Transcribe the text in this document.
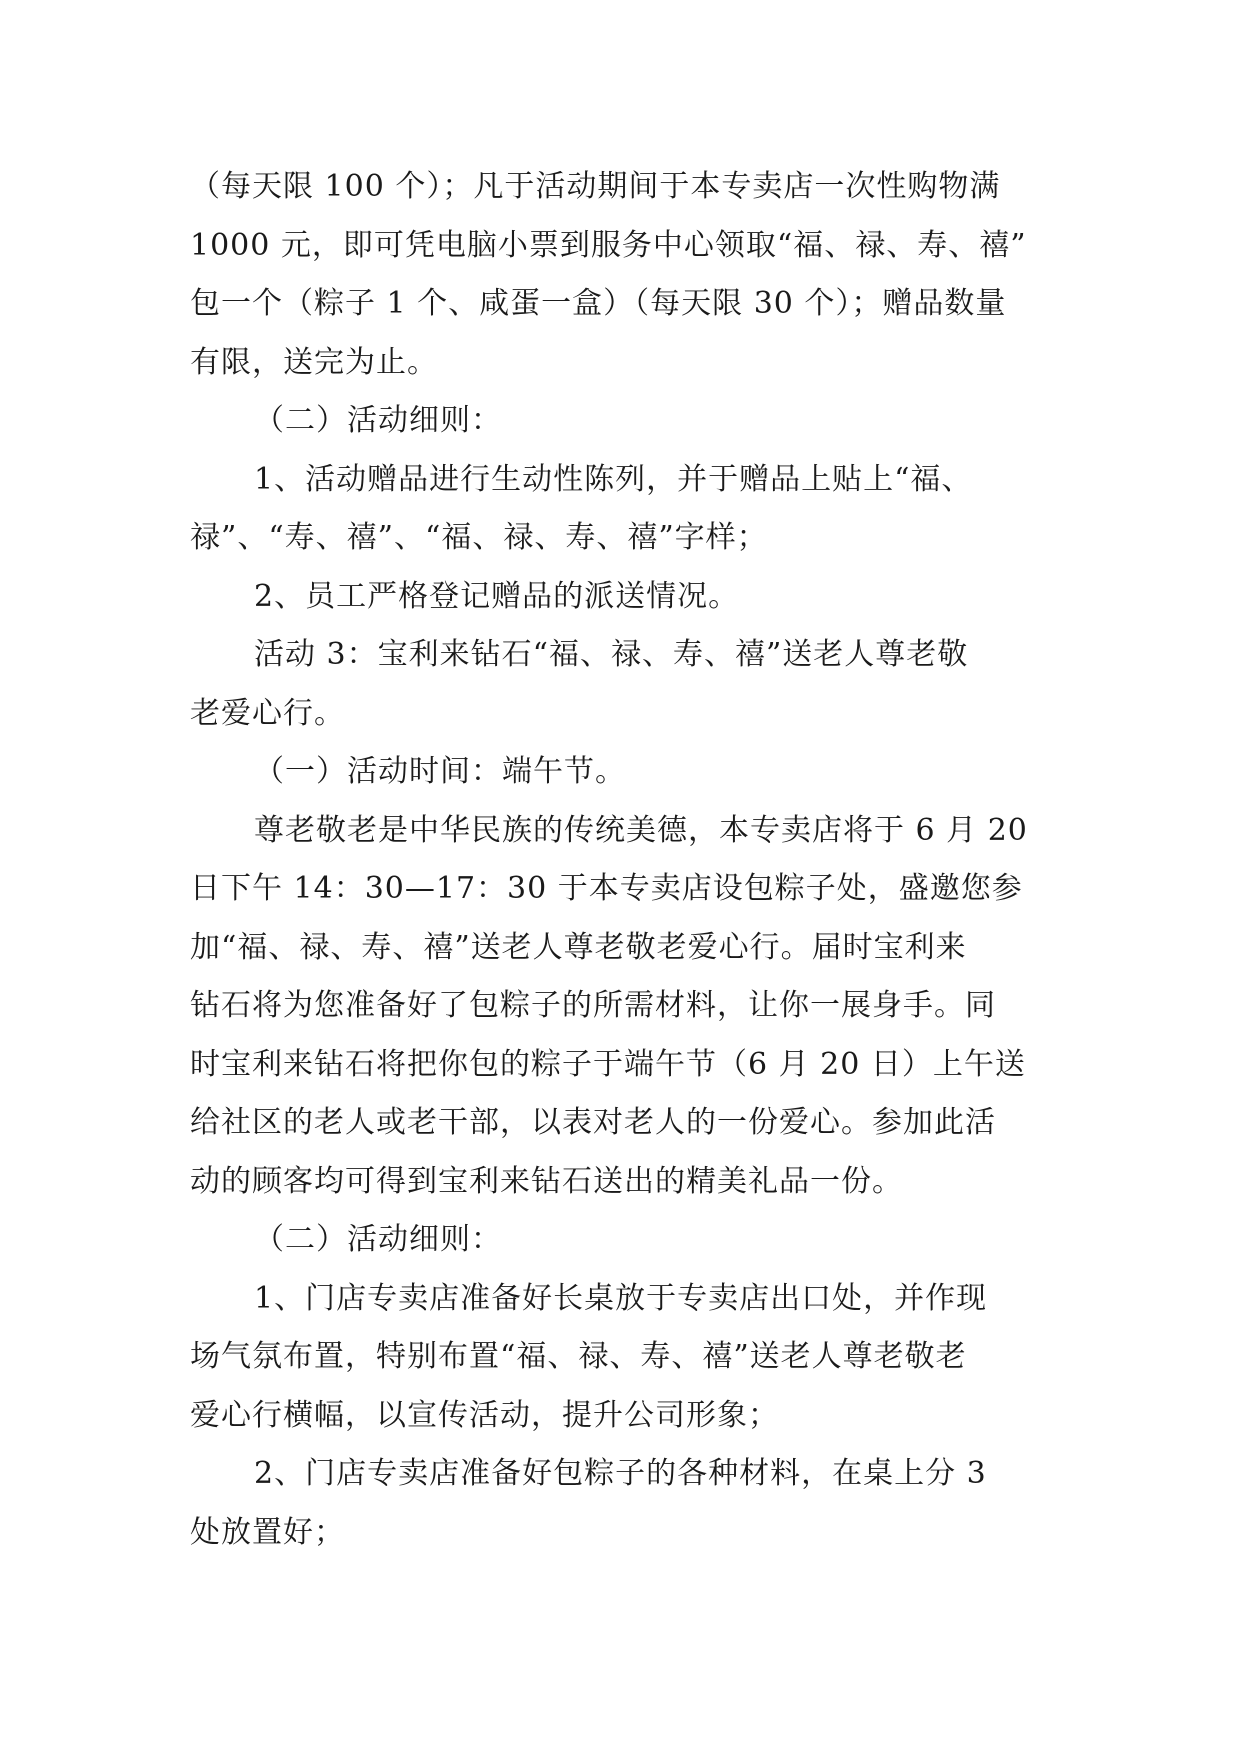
（每天限 100 个）；凡于活动期间于本专卖店一次性购物满
1000 元，即可凭电脑小票到服务中心领取“福、禄、寿、禧”
包一个（粽子 1 个、咸蛋一盒）（每天限 30 个）；赠品数量
有限，送完为止。
（二）活动细则：
1、活动赠品进行生动性陈列，并于赠品上贴上“福、
禄”、“寿、禧”、“福、禄、寿、禧”字样；
2、员工严格登记赠品的派送情况。
活动 3：宝利来钻石“福、禄、寿、禧”送老人尊老敬
老爱心行。
（一）活动时间：端午节。
尊老敬老是中华民族的传统美德，本专卖店将于 6 月 20
日下午 14：30—17：30 于本专卖店设包粽子处，盛邀您参
加“福、禄、寿、禧”送老人尊老敬老爱心行。届时宝利来
钻石将为您准备好了包粽子的所需材料，让你一展身手。同
时宝利来钻石将把你包的粽子于端午节（6 月 20 日）上午送
给社区的老人或老干部，以表对老人的一份爱心。参加此活
动的顾客均可得到宝利来钻石送出的精美礼品一份。
（二）活动细则：
1、门店专卖店准备好长桌放于专卖店出口处，并作现
场气氛布置，特别布置“福、禄、寿、禧”送老人尊老敬老
爱心行横幅，以宣传活动，提升公司形象；
2、门店专卖店准备好包粽子的各种材料，在桌上分 3
处放置好；
